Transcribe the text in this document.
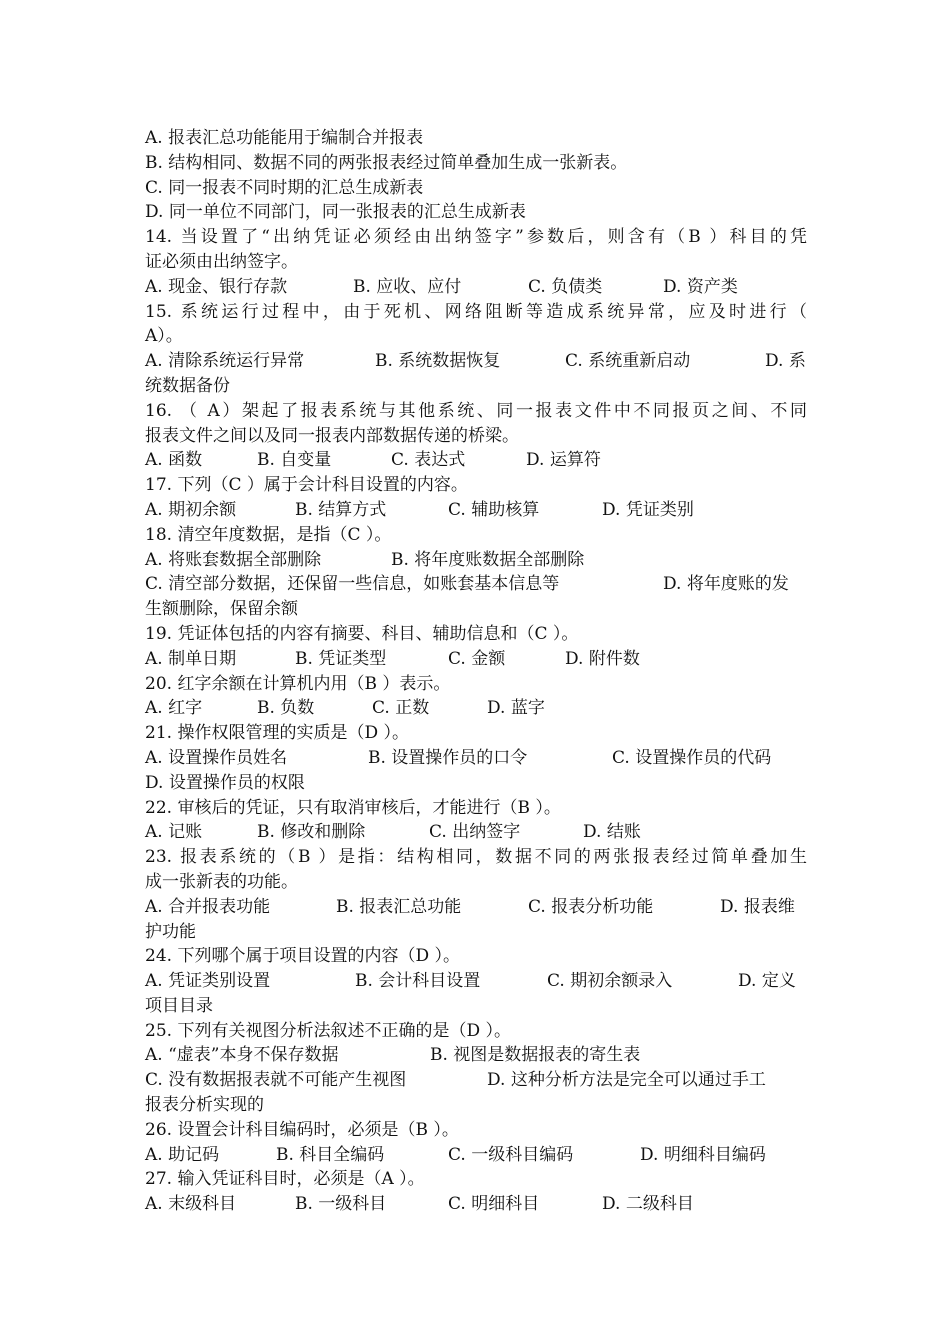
A. 报表汇总功能能用于编制合并报表
B. 结构相同、数据不同的两张报表经过简单叠加生成一张新表。
C. 同一报表不同时期的汇总生成新表
D. 同一单位不同部门，同一张报表的汇总生成新表
14. 当设置了“出纳凭证必须经由出纳签字”参数后，则含有（B ）科目的凭
证必须由出纳签字。
A. 现金、银行存款	B. 应收、应付	C. 负债类	D. 资产类
15. 系统运行过程中，由于死机、网络阻断等造成系统异常，应及时进行（
A）。
A. 清除系统运行异常	B. 系统数据恢复	C. 系统重新启动	D. 系
统数据备份
16. （ A）架起了报表系统与其他系统、同一报表文件中不同报页之间、不同
报表文件之间以及同一报表内部数据传递的桥梁。
A. 函数	B. 自变量	C. 表达式	D. 运算符
17. 下列（C ）属于会计科目设置的内容。
A. 期初余额	B. 结算方式	C. 辅助核算	D. 凭证类别
18. 清空年度数据，是指（C ）。
A. 将账套数据全部删除	B. 将年度账数据全部删除
C. 清空部分数据，还保留一些信息，如账套基本信息等	D. 将年度账的发
生额删除，保留余额
19. 凭证体包括的内容有摘要、科目、辅助信息和（C ）。
A. 制单日期	B. 凭证类型	C. 金额	D. 附件数
20. 红字余额在计算机内用（B ）表示。
A. 红字	B. 负数	C. 正数	D. 蓝字
21. 操作权限管理的实质是（D ）。
A. 设置操作员姓名	B. 设置操作员的口令	C. 设置操作员的代码
D. 设置操作员的权限
22. 审核后的凭证，只有取消审核后，才能进行（B ）。
A. 记账	B. 修改和删除	C. 出纳签字	D. 结账
23. 报表系统的（B ）是指：结构相同，数据不同的两张报表经过简单叠加生
成一张新表的功能。
A. 合并报表功能	B. 报表汇总功能	C. 报表分析功能	D. 报表维
护功能
24. 下列哪个属于项目设置的内容（D ）。
A. 凭证类别设置	B. 会计科目设置	C. 期初余额录入	D. 定义
项目目录
25. 下列有关视图分析法叙述不正确的是（D ）。
A. “虚表”本身不保存数据	B. 视图是数据报表的寄生表
C. 没有数据报表就不可能产生视图	D. 这种分析方法是完全可以通过手工
报表分析实现的
26. 设置会计科目编码时，必须是（B ）。
A. 助记码	B. 科目全编码	C. 一级科目编码	D. 明细科目编码
27. 输入凭证科目时，必须是（A ）。
A. 末级科目	B. 一级科目	C. 明细科目	D. 二级科目
